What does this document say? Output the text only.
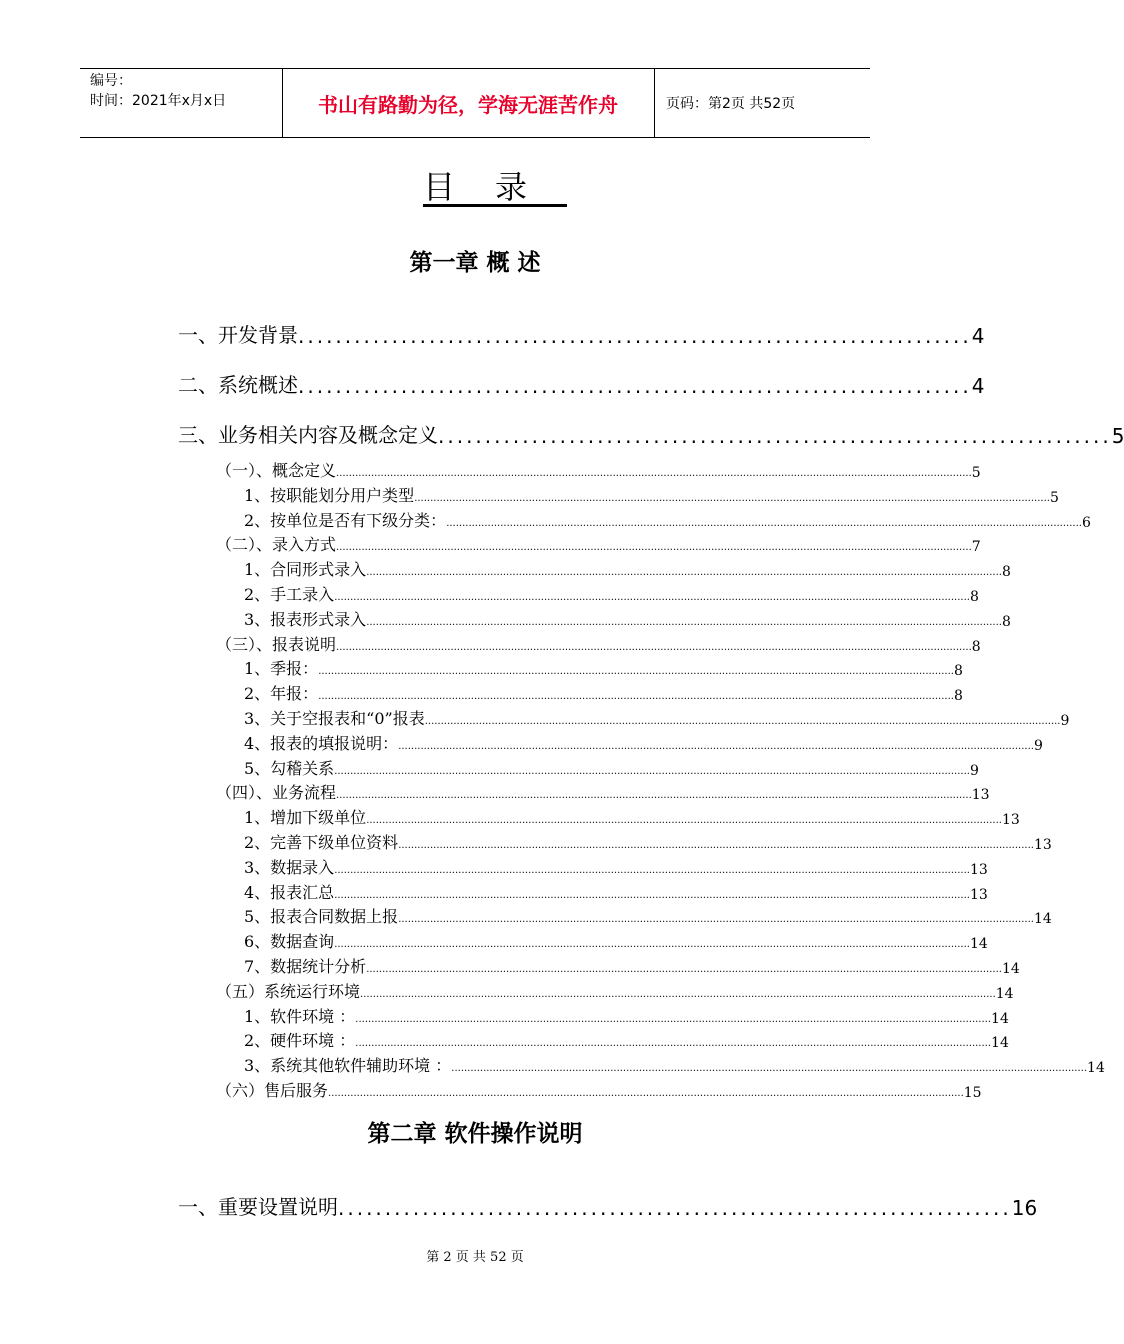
编号：
时间：2021年x月x日	书山有路勤为径，学海无涯苦作舟	页码：第2页 共52页
目录
第一章 概 述
一、开发背景 ........................................................................ 4
二、系统概述 ........................................................................ 4
三、业务相关内容及概念定义 ........................................................................ 5
（一）、概念定义 ........................................................................................................................................................................................................ 5
1、按职能划分用户类型 ........................................................................................................................................................................................................ 5
2、按单位是否有下级分类： ........................................................................................................................................................................................................ 6
（二）、录入方式 ........................................................................................................................................................................................................ 7
1、合同形式录入 ........................................................................................................................................................................................................ 8
2、手工录入 ........................................................................................................................................................................................................ 8
3、报表形式录入 ........................................................................................................................................................................................................ 8
（三）、报表说明 ........................................................................................................................................................................................................ 8
1、季报： ........................................................................................................................................................................................................ 8
2、年报： ........................................................................................................................................................................................................ 8
3、关于空报表和“0”报表 ........................................................................................................................................................................................................ 9
4、报表的填报说明： ........................................................................................................................................................................................................ 9
5、勾稽关系 ........................................................................................................................................................................................................ 9
（四）、业务流程 ........................................................................................................................................................................................................ 13
1、增加下级单位 ........................................................................................................................................................................................................ 13
2、完善下级单位资料 ........................................................................................................................................................................................................ 13
3、数据录入 ........................................................................................................................................................................................................ 13
4、报表汇总 ........................................................................................................................................................................................................ 13
5、报表合同数据上报 ........................................................................................................................................................................................................ 14
6、数据查询 ........................................................................................................................................................................................................ 14
7、数据统计分析 ........................................................................................................................................................................................................ 14
（五）系统运行环境 ........................................................................................................................................................................................................ 14
1、软件环境 ： ........................................................................................................................................................................................................ 14
2、硬件环境 ： ........................................................................................................................................................................................................ 14
3、系统其他软件辅助环境 ： ........................................................................................................................................................................................................ 14
（六）售后服务 ........................................................................................................................................................................................................ 15
第二章 软件操作说明
一、重要设置说明 ........................................................................ 16
第 2 页 共 52 页
